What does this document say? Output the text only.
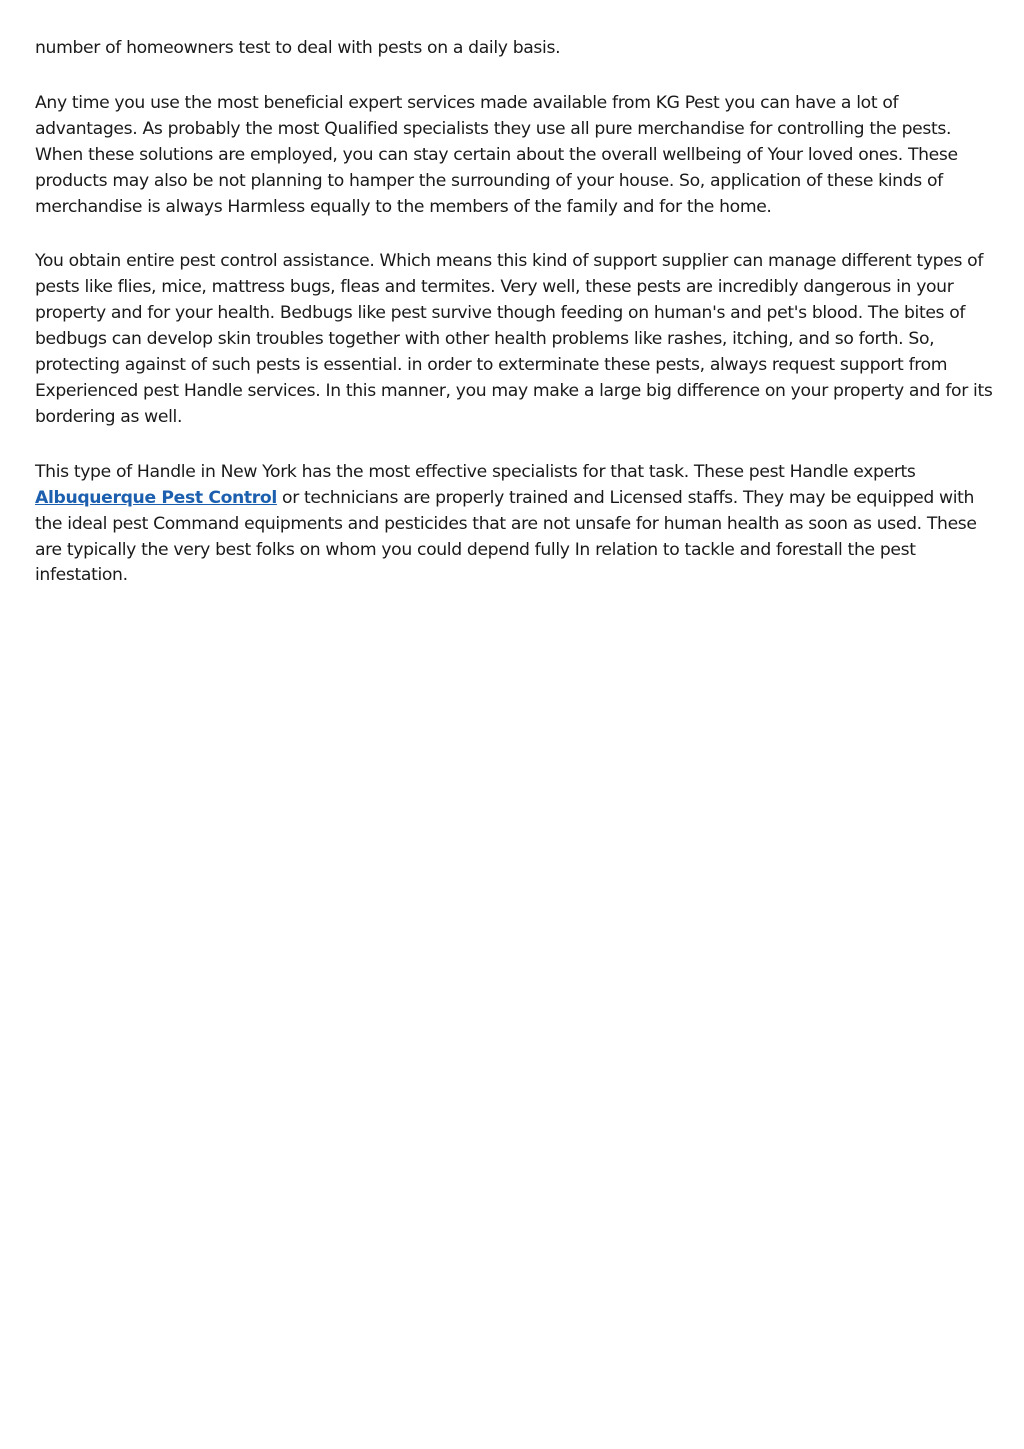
number of homeowners test to deal with pests on a daily basis.

Any time you use the most beneficial expert services made available from KG Pest you can have a lot of advantages. As probably the most Qualified specialists they use all pure merchandise for controlling the pests. When these solutions are employed, you can stay certain about the overall wellbeing of Your loved ones. These products may also be not planning to hamper the surrounding of your house. So, application of these kinds of merchandise is always Harmless equally to the members of the family and for the home.

You obtain entire pest control assistance. Which means this kind of support supplier can manage different types of pests like flies, mice, mattress bugs, fleas and termites. Very well, these pests are incredibly dangerous in your property and for your health. Bedbugs like pest survive though feeding on human's and pet's blood. The bites of bedbugs can develop skin troubles together with other health problems like rashes, itching, and so forth. So, protecting against of such pests is essential. in order to exterminate these pests, always request support from Experienced pest Handle services. In this manner, you may make a large big difference on your property and for its bordering as well.

This type of Handle in New York has the most effective specialists for that task. These pest Handle experts Albuquerque Pest Control or technicians are properly trained and Licensed staffs. They may be equipped with the ideal pest Command equipments and pesticides that are not unsafe for human health as soon as used. These are typically the very best folks on whom you could depend fully In relation to tackle and forestall the pest infestation.
